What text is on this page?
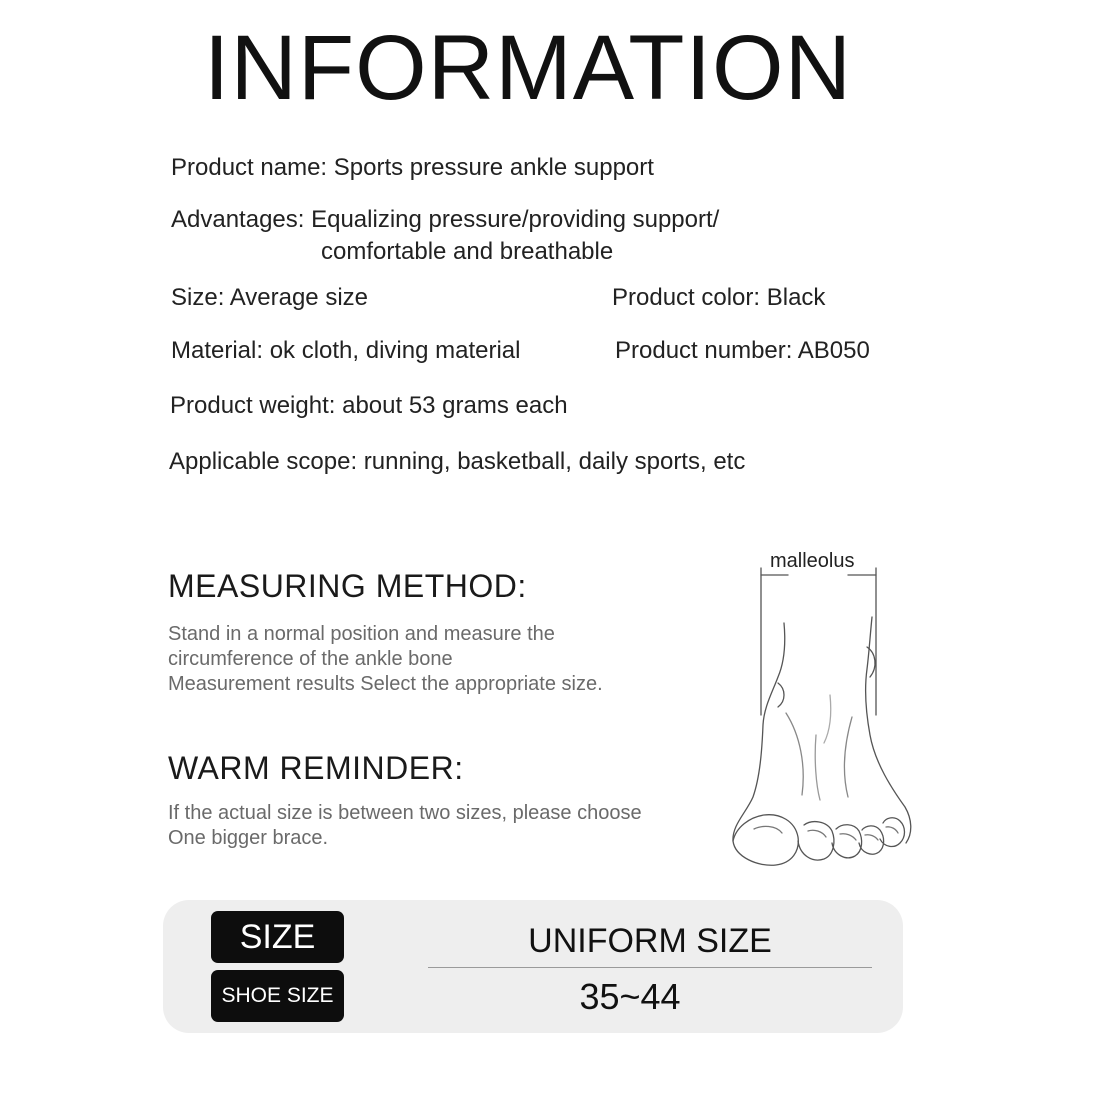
INFORMATION
Product name: Sports pressure ankle support
Advantages: Equalizing pressure/providing support/
comfortable and breathable
Size: Average size	Product color: Black
Material: ok cloth, diving material	Product number: AB050
Product weight: about 53 grams each
Applicable scope: running, basketball, daily sports, etc
MEASURING METHOD:
Stand in a normal position and measure the
circumference of the ankle bone
Measurement results Select the appropriate size.
WARM REMINDER:
If the actual size is between two sizes, please choose
One bigger brace.
malleolus
SIZE
SHOE SIZE
UNIFORM SIZE
35~44
